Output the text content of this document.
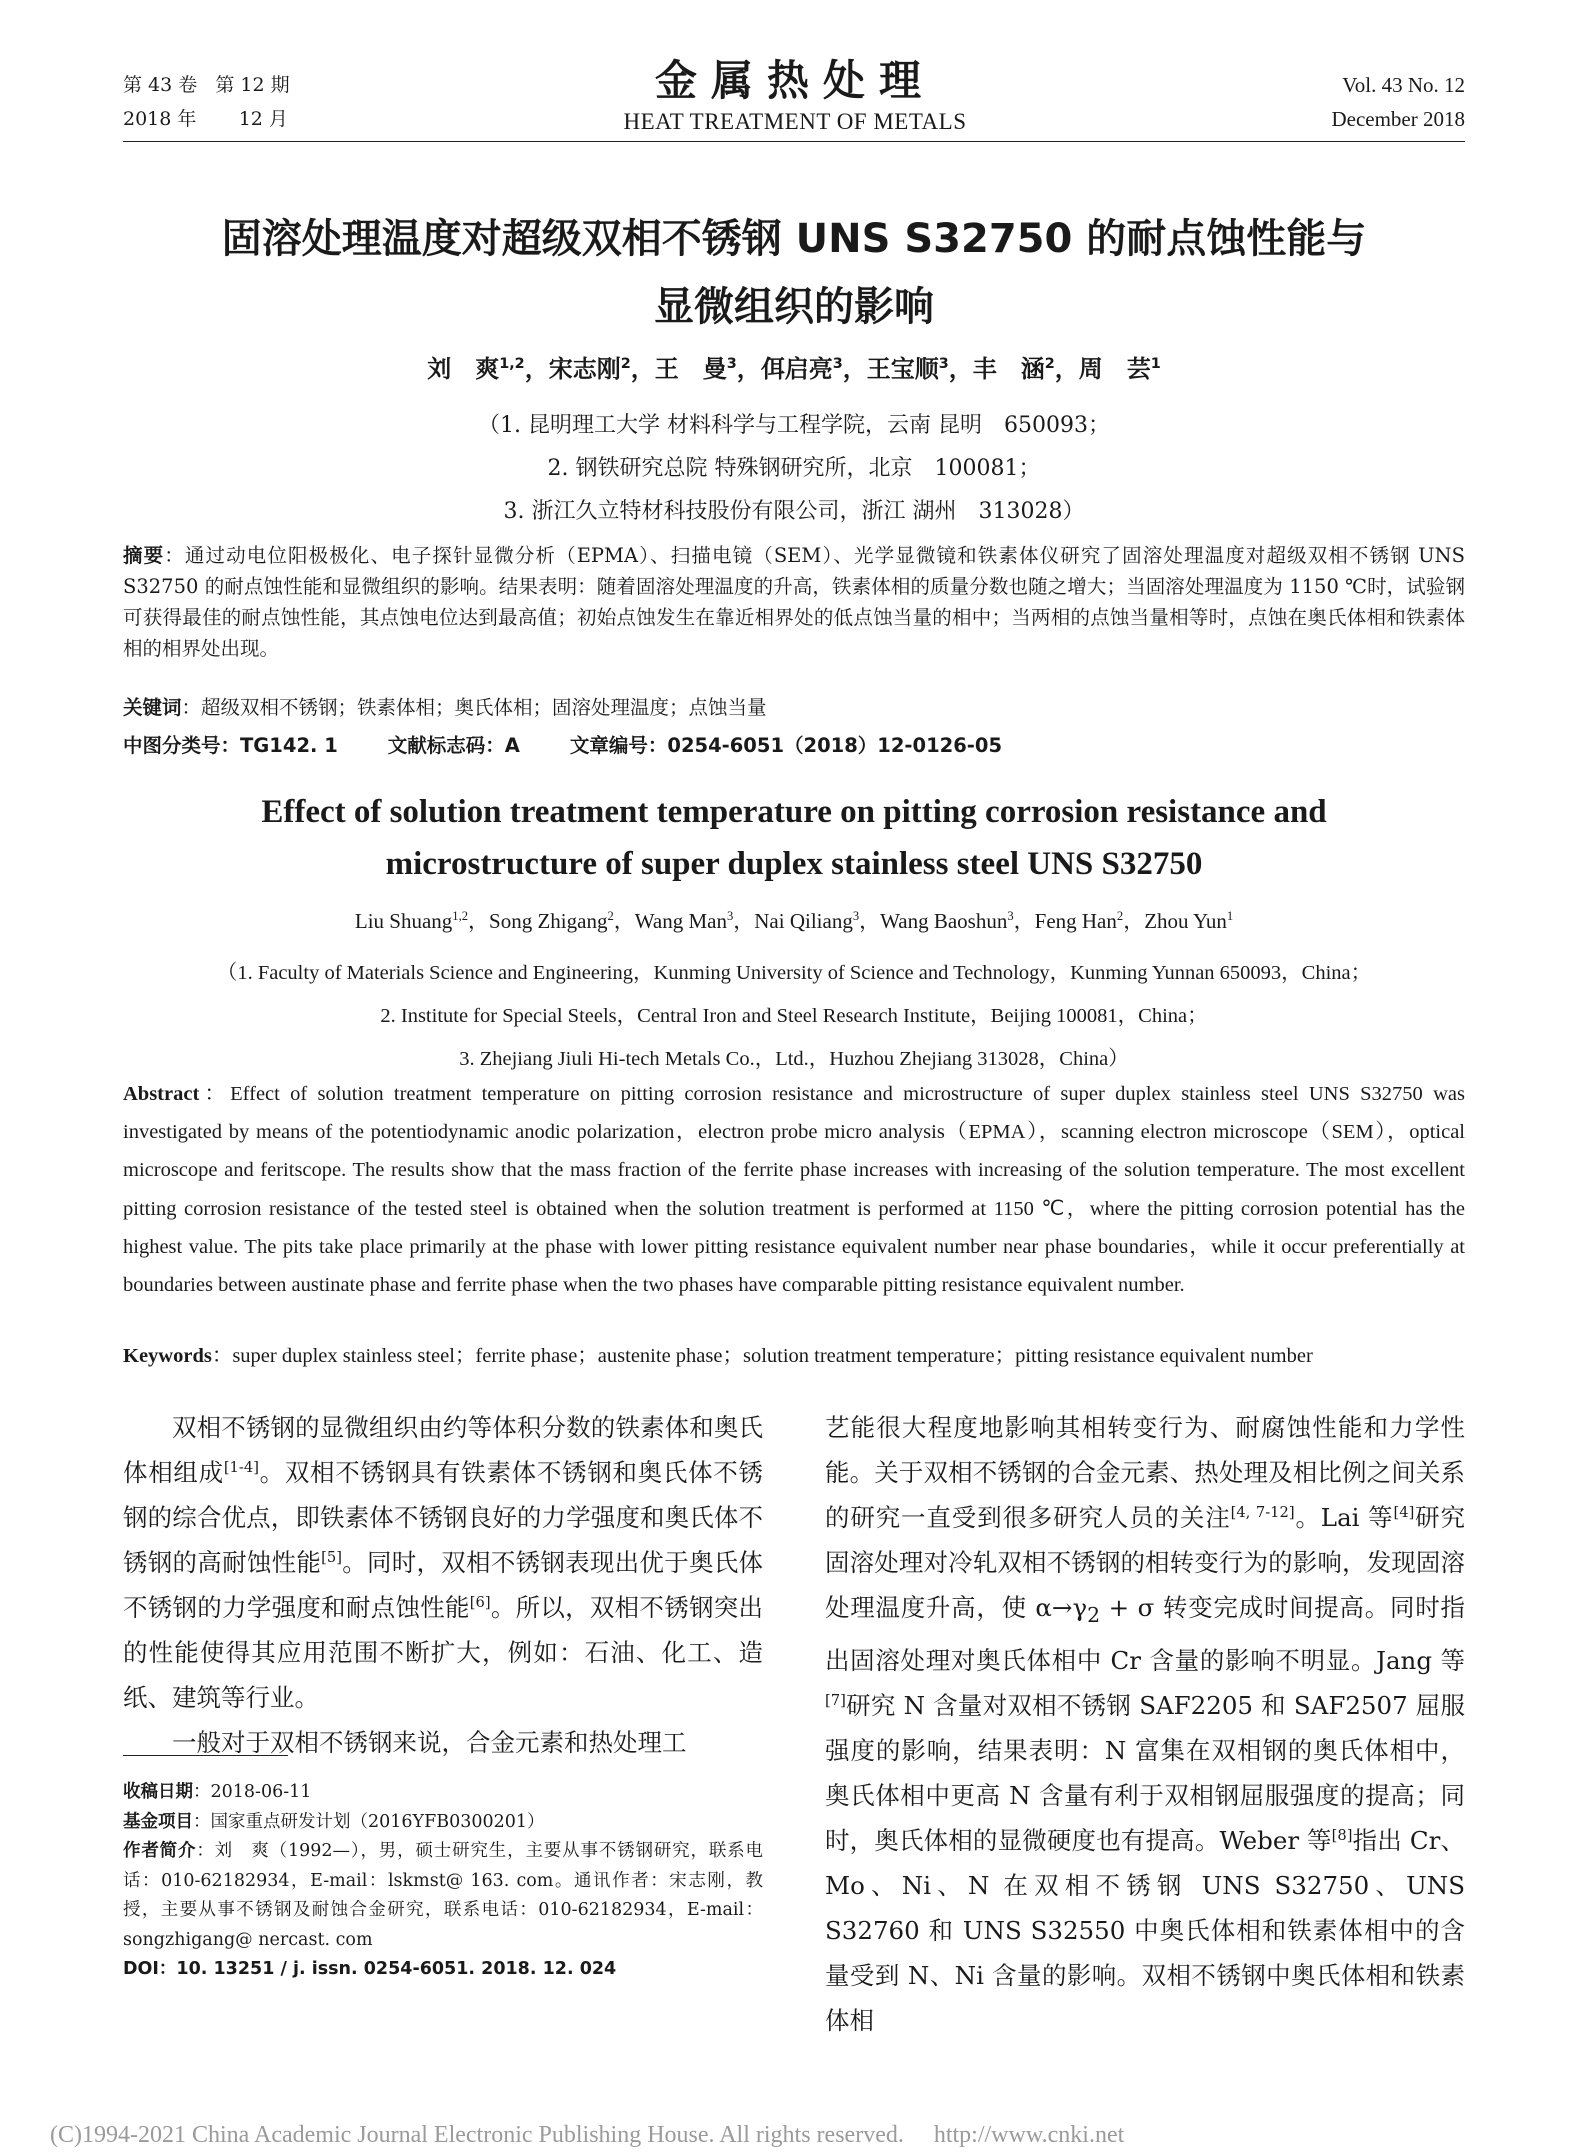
第 43 卷 第 12 期
2018 年 12 月
金属热处理
HEAT TREATMENT OF METALS
Vol. 43 No. 12
December 2018
固溶处理温度对超级双相不锈钢 UNS S32750 的耐点蚀性能与
显微组织的影响
刘　爽$^{1,2}$，宋志刚$^2$，王　曼$^3$，佴启亮$^3$，王宝顺$^3$，丰　涵$^2$，周　芸$^1$
（1. 昆明理工大学 材料科学与工程学院，云南 昆明　650093；
2. 钢铁研究总院 特殊钢研究所，北京　100081；
3. 浙江久立特材科技股份有限公司，浙江 湖州　313028）
摘要：通过动电位阳极极化、电子探针显微分析（EPMA）、扫描电镜（SEM）、光学显微镜和铁素体仪研究了固溶处理温度对超级双相不锈钢 UNS S32750 的耐点蚀性能和显微组织的影响。结果表明：随着固溶处理温度的升高，铁素体相的质量分数也随之增大；当固溶处理温度为 1150 ℃时，试验钢可获得最佳的耐点蚀性能，其点蚀电位达到最高值；初始点蚀发生在靠近相界处的低点蚀当量的相中；当两相的点蚀当量相等时，点蚀在奥氏体相和铁素体相的相界处出现。
关键词：超级双相不锈钢；铁素体相；奥氏体相；固溶处理温度；点蚀当量
中图分类号：TG142. 1	文献标志码：A	文章编号：0254-6051（2018）12-0126-05
Effect of solution treatment temperature on pitting corrosion resistance and
microstructure of super duplex stainless steel UNS S32750
Liu Shuang$^{1,2}$，Song Zhigang$^2$，Wang Man$^3$，Nai Qiliang$^3$，Wang Baoshun$^3$，Feng Han$^2$，Zhou Yun$^1$
（1. Faculty of Materials Science and Engineering，Kunming University of Science and Technology，Kunming Yunnan 650093，China；
2. Institute for Special Steels，Central Iron and Steel Research Institute，Beijing 100081，China；
3. Zhejiang Jiuli Hi-tech Metals Co.，Ltd.，Huzhou Zhejiang 313028，China）
Abstract：Effect of solution treatment temperature on pitting corrosion resistance and microstructure of super duplex stainless steel UNS S32750 was investigated by means of the potentiodynamic anodic polarization，electron probe micro analysis（EPMA），scanning electron microscope（SEM），optical microscope and feritscope. The results show that the mass fraction of the ferrite phase increases with increasing of the solution temperature. The most excellent pitting corrosion resistance of the tested steel is obtained when the solution treatment is performed at 1150 ℃，where the pitting corrosion potential has the highest value. The pits take place primarily at the phase with lower pitting resistance equivalent number near phase boundaries，while it occur preferentially at boundaries between austinate phase and ferrite phase when the two phases have comparable pitting resistance equivalent number.
Keywords：super duplex stainless steel；ferrite phase；austenite phase；solution treatment temperature；pitting resistance equivalent number

双相不锈钢的显微组织由约等体积分数的铁素体和奥氏体相组成[1-4]。双相不锈钢具有铁素体不锈钢和奥氏体不锈钢的综合优点，即铁素体不锈钢良好的力学强度和奥氏体不锈钢的高耐蚀性能[5]。同时，双相不锈钢表现出优于奥氏体不锈钢的力学强度和耐点蚀性能[6]。所以，双相不锈钢突出的性能使得其应用范围不断扩大，例如：石油、化工、造纸、建筑等行业。

一般对于双相不锈钢来说，合金元素和热处理工

收稿日期：2018-06-11
基金项目：国家重点研发计划（2016YFB0300201）
作者简介：刘　爽（1992—），男，硕士研究生，主要从事不锈钢研究，联系电话：010-62182934，E-mail：lskmst@ 163. com。通讯作者：宋志刚，教授，主要从事不锈钢及耐蚀合金研究，联系电话：010-62182934，E-mail：songzhigang@ nercast. com
DOI：10. 13251 / j. issn. 0254-6051. 2018. 12. 024

艺能很大程度地影响其相转变行为、耐腐蚀性能和力学性能。关于双相不锈钢的合金元素、热处理及相比例之间关系的研究一直受到很多研究人员的关注[4, 7-12]。Lai 等[4]研究固溶处理对冷轧双相不锈钢的相转变行为的影响，发现固溶处理温度升高，使 $\alpha\to\gamma_2 + \sigma$ 转变完成时间提高。同时指出固溶处理对奥氏体相中 Cr 含量的影响不明显。Jang 等[7]研究 N 含量对双相不锈钢 SAF2205 和 SAF2507 屈服强度的影响，结果表明：N 富集在双相钢的奥氏体相中，奥氏体相中更高 N 含量有利于双相钢屈服强度的提高；同时，奥氏体相的显微硬度也有提高。Weber 等[8]指出 Cr、Mo、Ni、N 在双相不锈钢 UNS S32750、UNS S32760 和 UNS S32550 中奥氏体相和铁素体相中的含量受到 N、Ni 含量的影响。双相不锈钢中奥氏体相和铁素体相

(C)1994-2021 China Academic Journal Electronic Publishing House. All rights reserved.　 http://www.cnki.net
